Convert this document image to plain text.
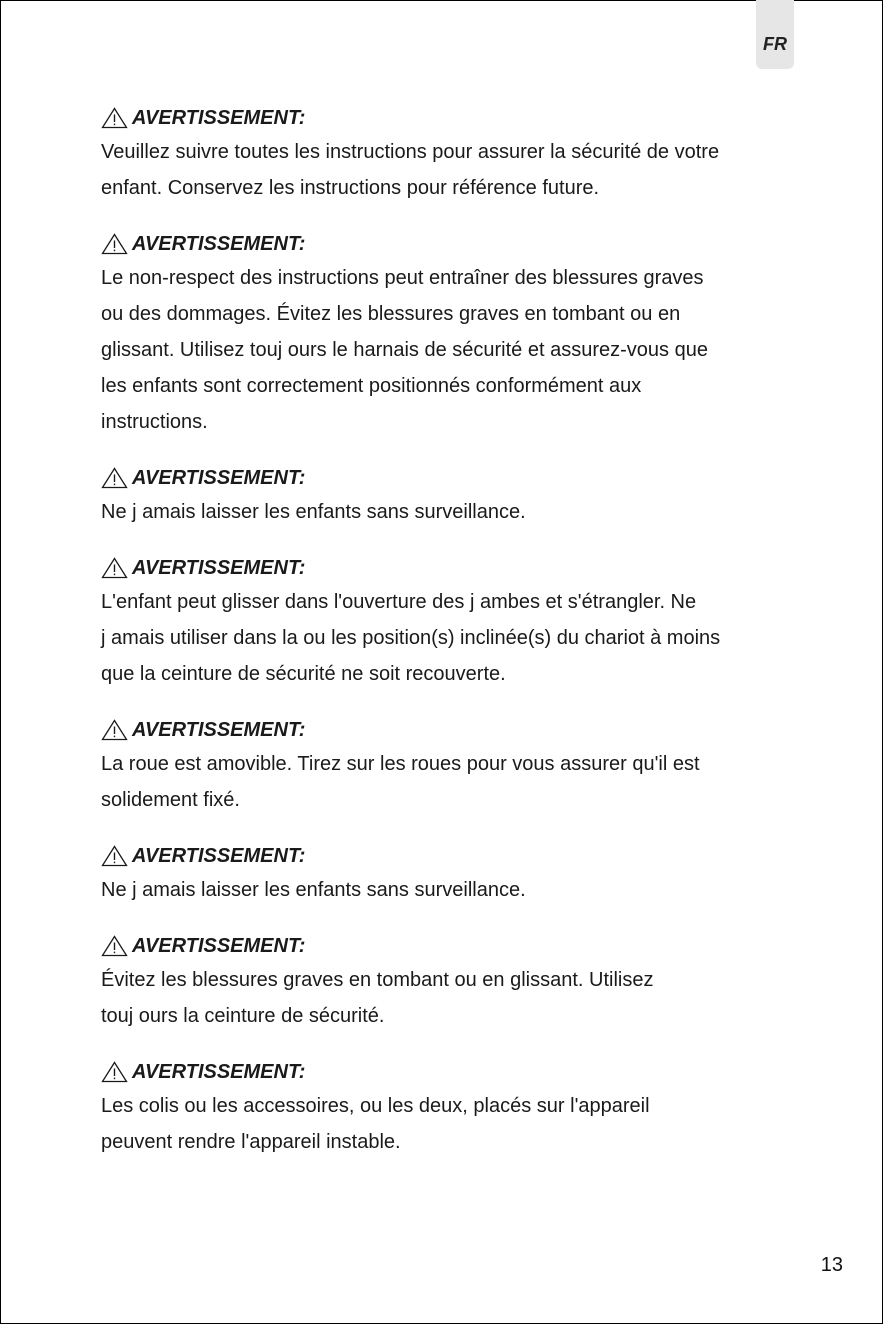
FR
AVERTISSEMENT:
Veuillez suivre toutes les instructions pour assurer la sécurité de votre
enfant. Conservez les instructions pour référence future.
AVERTISSEMENT:
Le non-respect des instructions peut entraîner des blessures graves
ou des dommages. Évitez les blessures graves en tombant ou en
glissant. Utilisez touj ours le harnais de sécurité et assurez-vous que
les enfants sont correctement positionnés conformément aux
instructions.
AVERTISSEMENT:
Ne j amais laisser les enfants sans surveillance.
AVERTISSEMENT:
L'enfant peut glisser dans l'ouverture des j ambes et s'étrangler. Ne
j amais utiliser dans la ou les position(s) inclinée(s) du chariot à moins
que la ceinture de sécurité ne soit recouverte.
AVERTISSEMENT:
La roue est amovible. Tirez sur les roues pour vous assurer qu'il est
solidement fixé.
AVERTISSEMENT:
Ne j amais laisser les enfants sans surveillance.
AVERTISSEMENT:
Évitez les blessures graves en tombant ou en glissant. Utilisez
touj ours la ceinture de sécurité.
AVERTISSEMENT:
Les colis ou les accessoires, ou les deux, placés sur l'appareil
peuvent rendre l'appareil instable.
13
